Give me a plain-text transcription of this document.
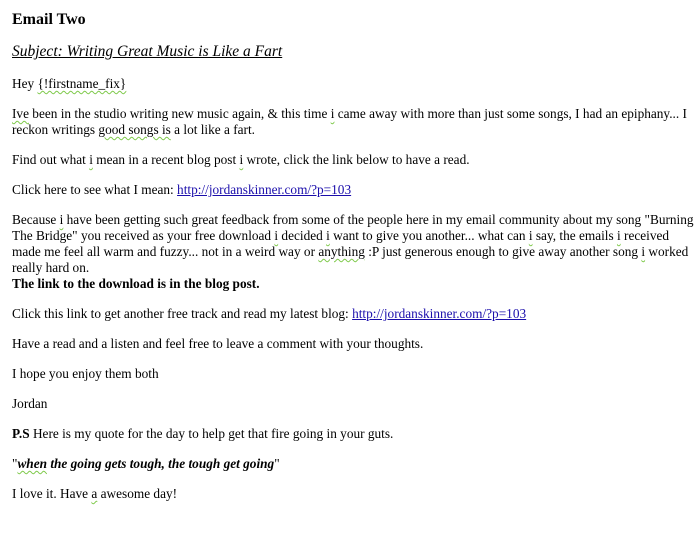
Email Two
Subject: Writing Great Music is Like a Fart

Hey {!firstname_fix}

Ive been in the studio writing new music again, & this time i came away with more than just some songs, I had an epiphany... I reckon writings good songs is a lot like a fart.

Find out what i mean in a recent blog post i wrote, click the link below to have a read.

Click here to see what I mean: http://jordanskinner.com/?p=103

Because i have been getting such great feedback from some of the people here in my email community about my song "Burning The Bridge" you received as your free download i decided i want to give you another... what can i say, the emails i received made me feel all warm and fuzzy... not in a weird way or anything :P just generous enough to give away another song i worked really hard on.

The link to the download is in the blog post.

Click this link to get another free track and read my latest blog: http://jordanskinner.com/?p=103

Have a read and a listen and feel free to leave a comment with your thoughts.

I hope you enjoy them both

Jordan

P.S Here is my quote for the day to help get that fire going in your guts.

"when the going gets tough, the tough get going"

I love it. Have a awesome day!
